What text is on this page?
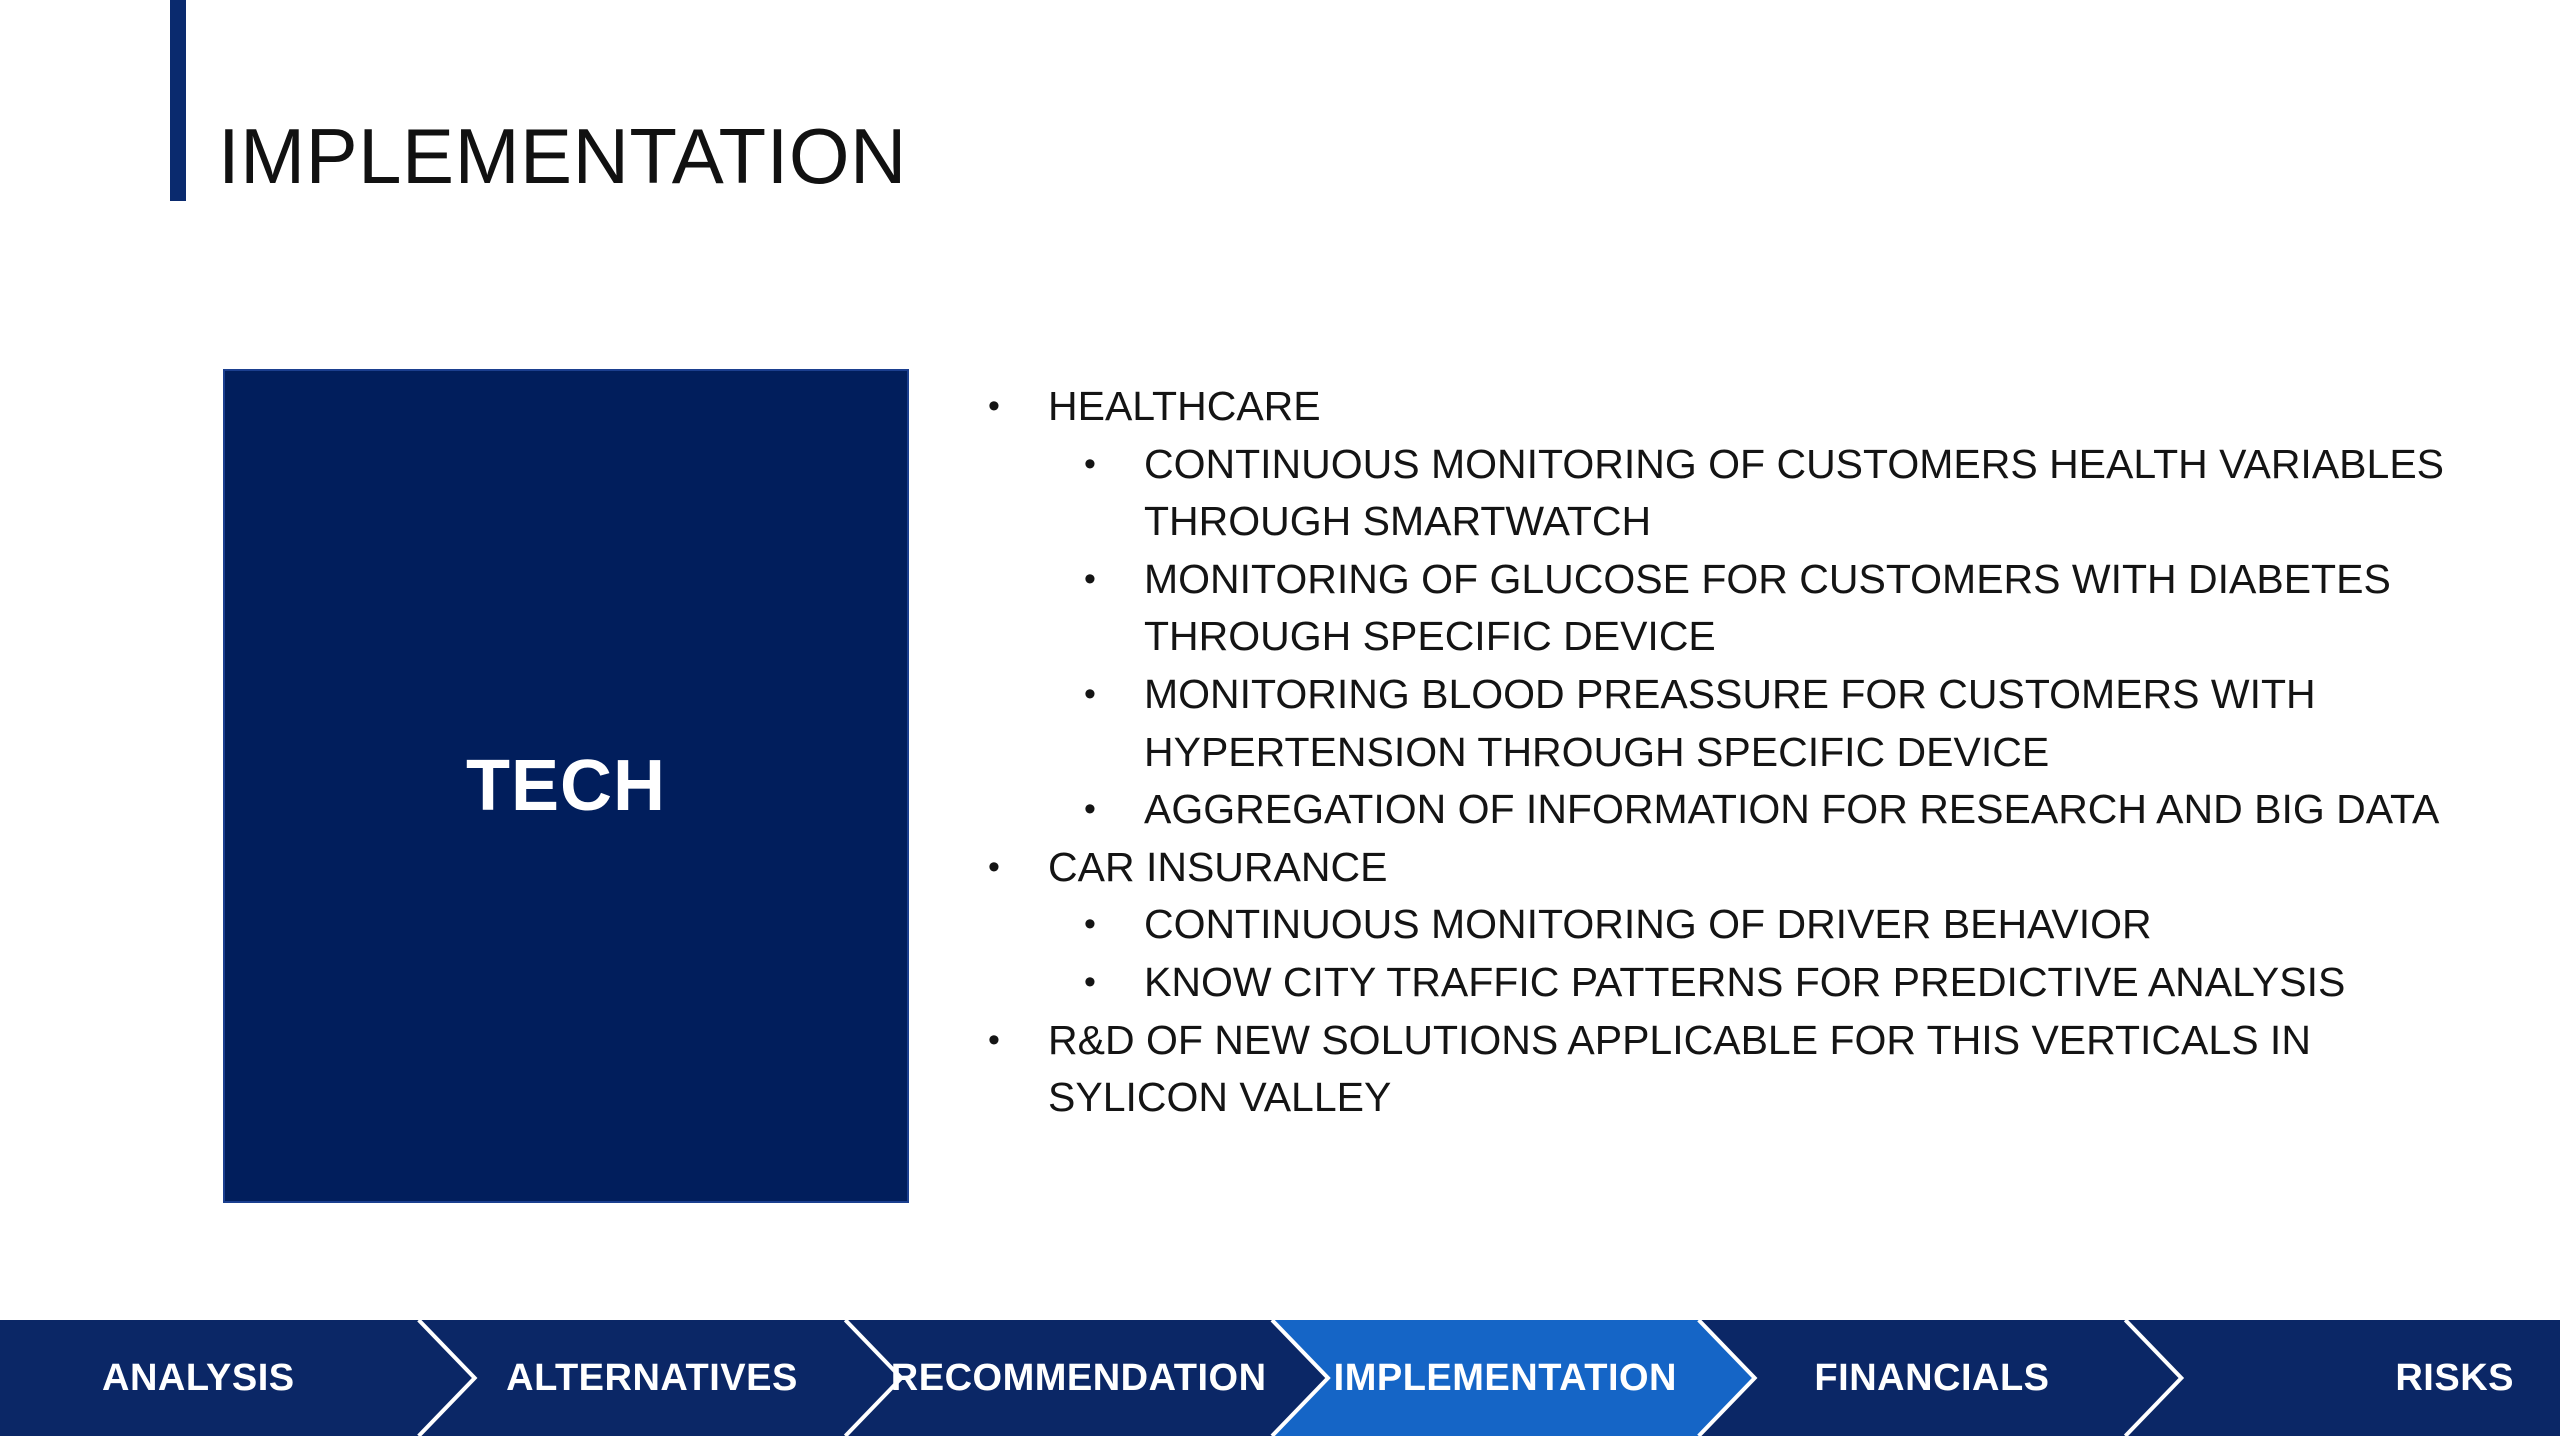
IMPLEMENTATION
TECH
• HEALTHCARE
• CONTINUOUS MONITORING OF CUSTOMERS HEALTH VARIABLES THROUGH SMARTWATCH
• MONITORING OF GLUCOSE FOR CUSTOMERS WITH DIABETES THROUGH SPECIFIC DEVICE
• MONITORING BLOOD PREASSURE FOR CUSTOMERS WITH HYPERTENSION THROUGH SPECIFIC DEVICE
• AGGREGATION OF INFORMATION FOR RESEARCH AND BIG DATA
• CAR INSURANCE
• CONTINUOUS MONITORING OF DRIVER BEHAVIOR
• KNOW CITY TRAFFIC PATTERNS FOR PREDICTIVE ANALYSIS
• R&D OF NEW SOLUTIONS APPLICABLE FOR THIS VERTICALS IN SYLICON VALLEY
ANALYSIS	ALTERNATIVES	RECOMMENDATION	IMPLEMENTATION	FINANCIALS	RISKS
